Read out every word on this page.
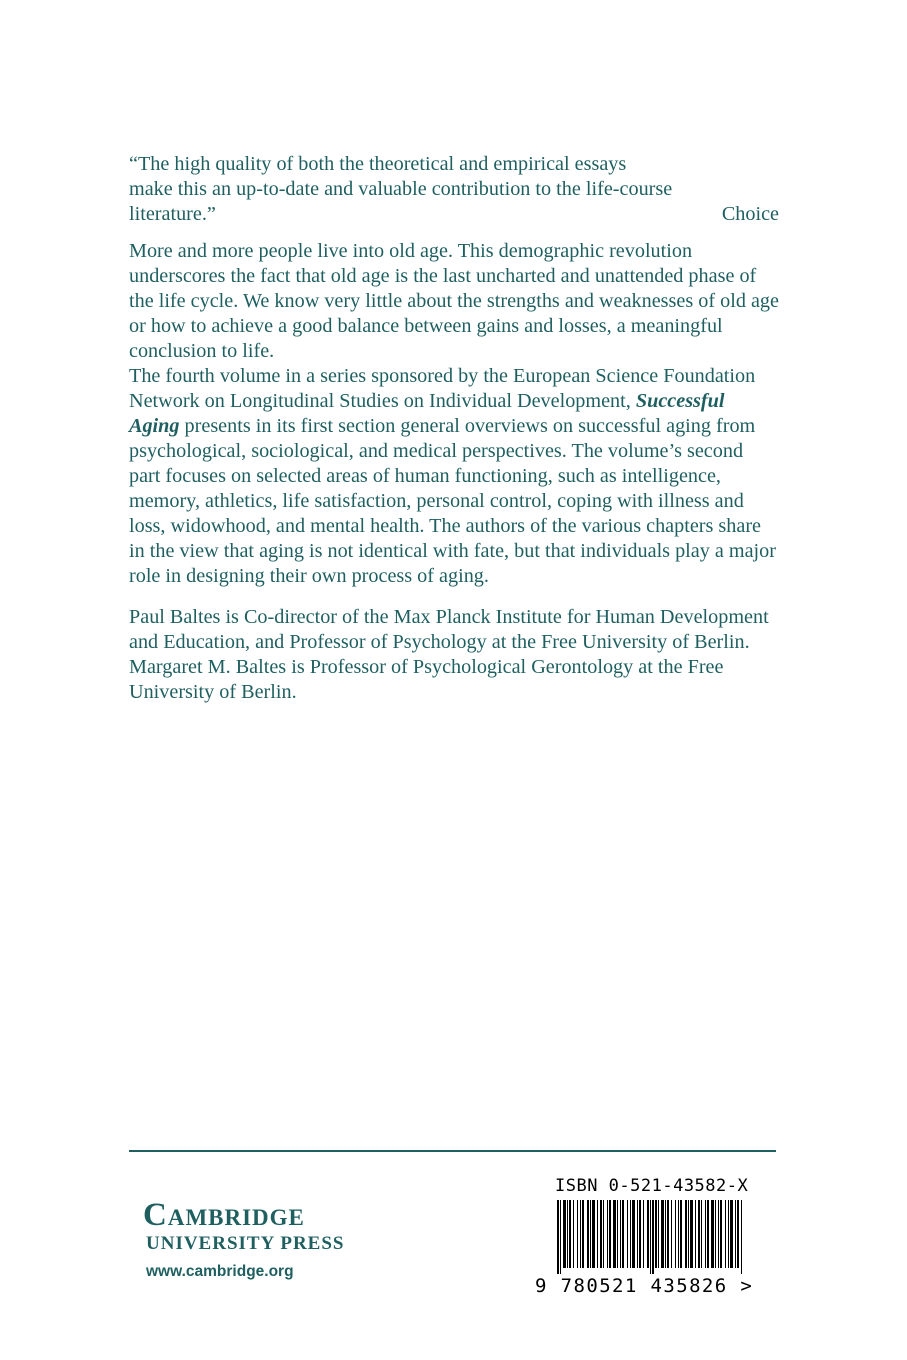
“The high quality of both the theoretical and empirical essays

make this an up-to-date and valuable contribution to the life-course

literature.”	Choice

More and more people live into old age. This demographic revolution underscores the fact that old age is the last uncharted and unattended phase of the life cycle. We know very little about the strengths and weaknesses of old age or how to achieve a good balance between gains and losses, a meaningful conclusion to life.

The fourth volume in a series sponsored by the European Science Foundation Network on Longitudinal Studies on Individual Development, Successful Aging presents in its first section general overviews on successful aging from psychological, sociological, and medical perspectives. The volume’s second part focuses on selected areas of human functioning, such as intelligence, memory, athletics, life satisfaction, personal control, coping with illness and loss, widowhood, and mental health. The authors of the various chapters share in the view that aging is not identical with fate, but that individuals play a major role in designing their own process of aging.

Paul Baltes is Co-director of the Max Planck Institute for Human Development and Education, and Professor of Psychology at the Free University of Berlin. Margaret M. Baltes is Professor of Psychological Gerontology at the Free University of Berlin.

Cambridge
UNIVERSITY PRESS
www.cambridge.org
ISBN 0-521-43582-X
9 780521 435826 >
